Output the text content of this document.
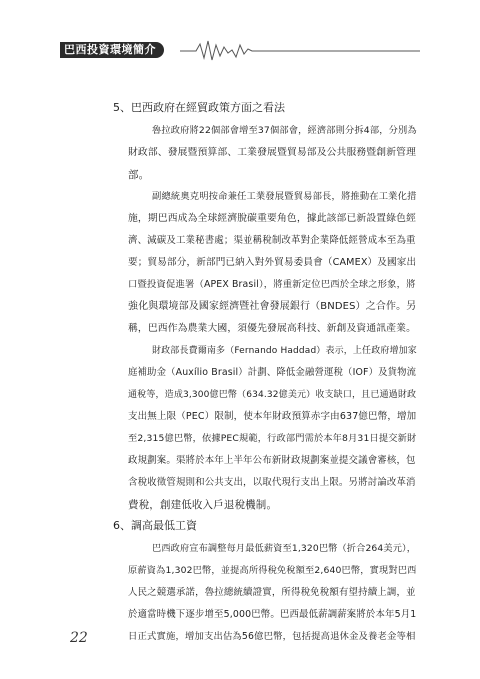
巴西投資環境簡介
5、巴西政府在經貿政策方面之看法
魯拉政府將22個部會增至37個部會，經濟部則分拆4部，分別為
財政部、發展暨預算部、工業發展暨貿易部及公共服務暨創新管理
部。
副總統奧克明按命兼任工業發展暨貿易部長，將推動在工業化措
施，期巴西成為全球經濟脫碳重要角色，據此該部已新設置綠色經
濟、減碳及工業秘書處；渠並稱稅制改革對企業降低經營成本至為重
要；貿易部分，新部門已納入對外貿易委員會（CAMEX）及國家出
口暨投資促進署（APEX Brasil），將重新定位巴西於全球之形象，將
強化與環境部及國家經濟暨社會發展銀行（BNDES）之合作。另
稱，巴西作為農業大國，須優先發展高科技、新創及資通訊產業。
財政部長費爾南多（Fernando Haddad）表示，上任政府增加家
庭補助金（Auxílio Brasil）計劃、降低金融營運稅（IOF）及貨物流
通稅等，造成3,300億巴幣（634.32億美元）收支缺口，且已通過財政
支出無上限（PEC）限制，使本年財政預算赤字由637億巴幣，增加
至2,315億巴幣，依據PEC規範，行政部門需於本年8月31日提交新財
政規劃案。渠將於本年上半年公布新財政規劃案並提交議會審核，包
含稅收徵管規則和公共支出，以取代現行支出上限。另將討論改革消
費稅，創建低收入戶退稅機制。
6、調高最低工資
巴西政府宣布調整每月最低薪資至1,320巴幣（折合264美元），
原薪資為1,302巴幣，並提高所得稅免稅額至2,640巴幣，實現對巴西
人民之競選承諾，魯拉總統續證實，所得稅免稅額有望持續上調，並
於適當時機下逐步增至5,000巴幣。巴西最低薪調薪案將於本年5月1
日正式實施，增加支出估為56億巴幣，包括提高退休金及養老金等相
22
